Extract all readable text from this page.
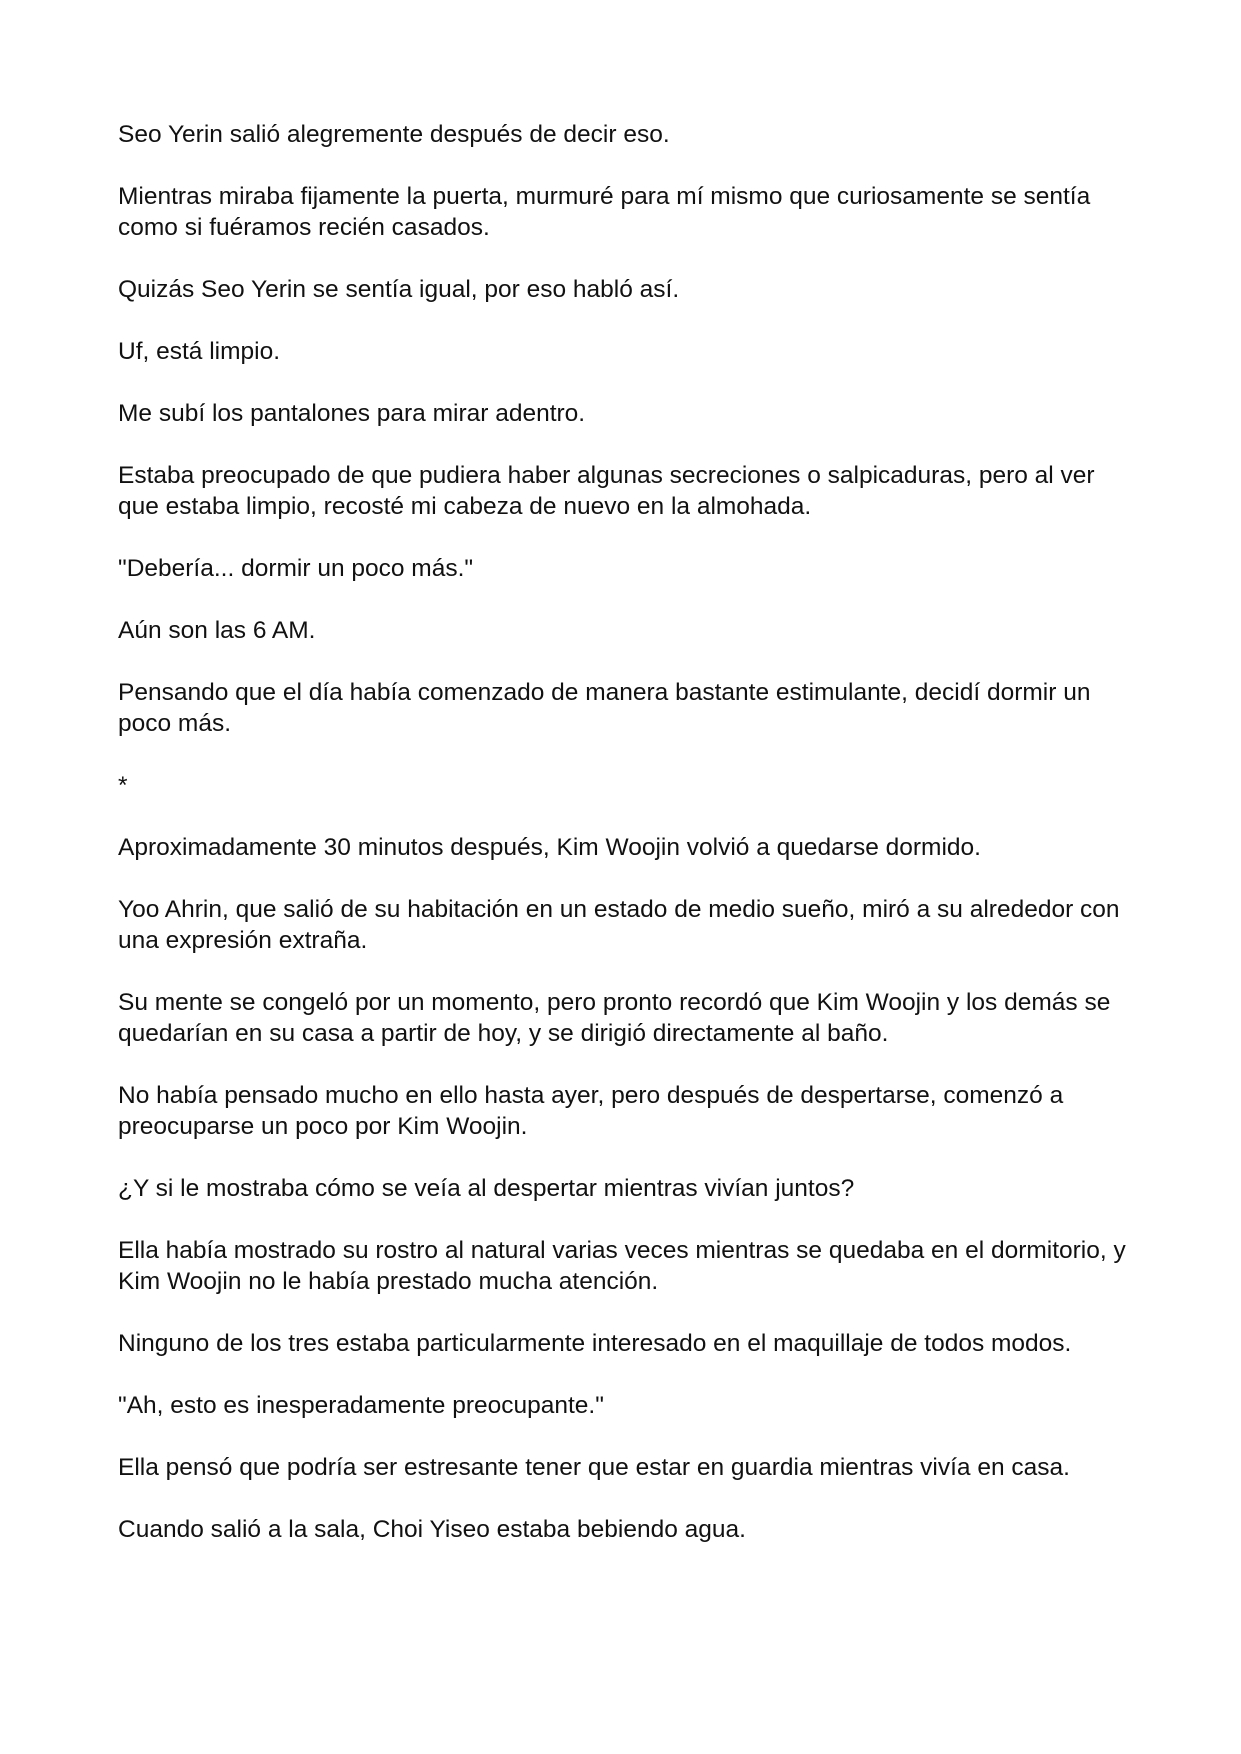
Seo Yerin salió alegremente después de decir eso.

Mientras miraba fijamente la puerta, murmuré para mí mismo que curiosamente se sentía como si fuéramos recién casados.

Quizás Seo Yerin se sentía igual, por eso habló así.

Uf, está limpio.

Me subí los pantalones para mirar adentro.

Estaba preocupado de que pudiera haber algunas secreciones o salpicaduras, pero al ver que estaba limpio, recosté mi cabeza de nuevo en la almohada.

"Debería... dormir un poco más."

Aún son las 6 AM.

Pensando que el día había comenzado de manera bastante estimulante, decidí dormir un poco más.

*

Aproximadamente 30 minutos después, Kim Woojin volvió a quedarse dormido.

Yoo Ahrin, que salió de su habitación en un estado de medio sueño, miró a su alrededor con una expresión extraña.

Su mente se congeló por un momento, pero pronto recordó que Kim Woojin y los demás se quedarían en su casa a partir de hoy, y se dirigió directamente al baño.

No había pensado mucho en ello hasta ayer, pero después de despertarse, comenzó a preocuparse un poco por Kim Woojin.

¿Y si le mostraba cómo se veía al despertar mientras vivían juntos?

Ella había mostrado su rostro al natural varias veces mientras se quedaba en el dormitorio, y Kim Woojin no le había prestado mucha atención.

Ninguno de los tres estaba particularmente interesado en el maquillaje de todos modos.

"Ah, esto es inesperadamente preocupante."

Ella pensó que podría ser estresante tener que estar en guardia mientras vivía en casa.

Cuando salió a la sala, Choi Yiseo estaba bebiendo agua.
